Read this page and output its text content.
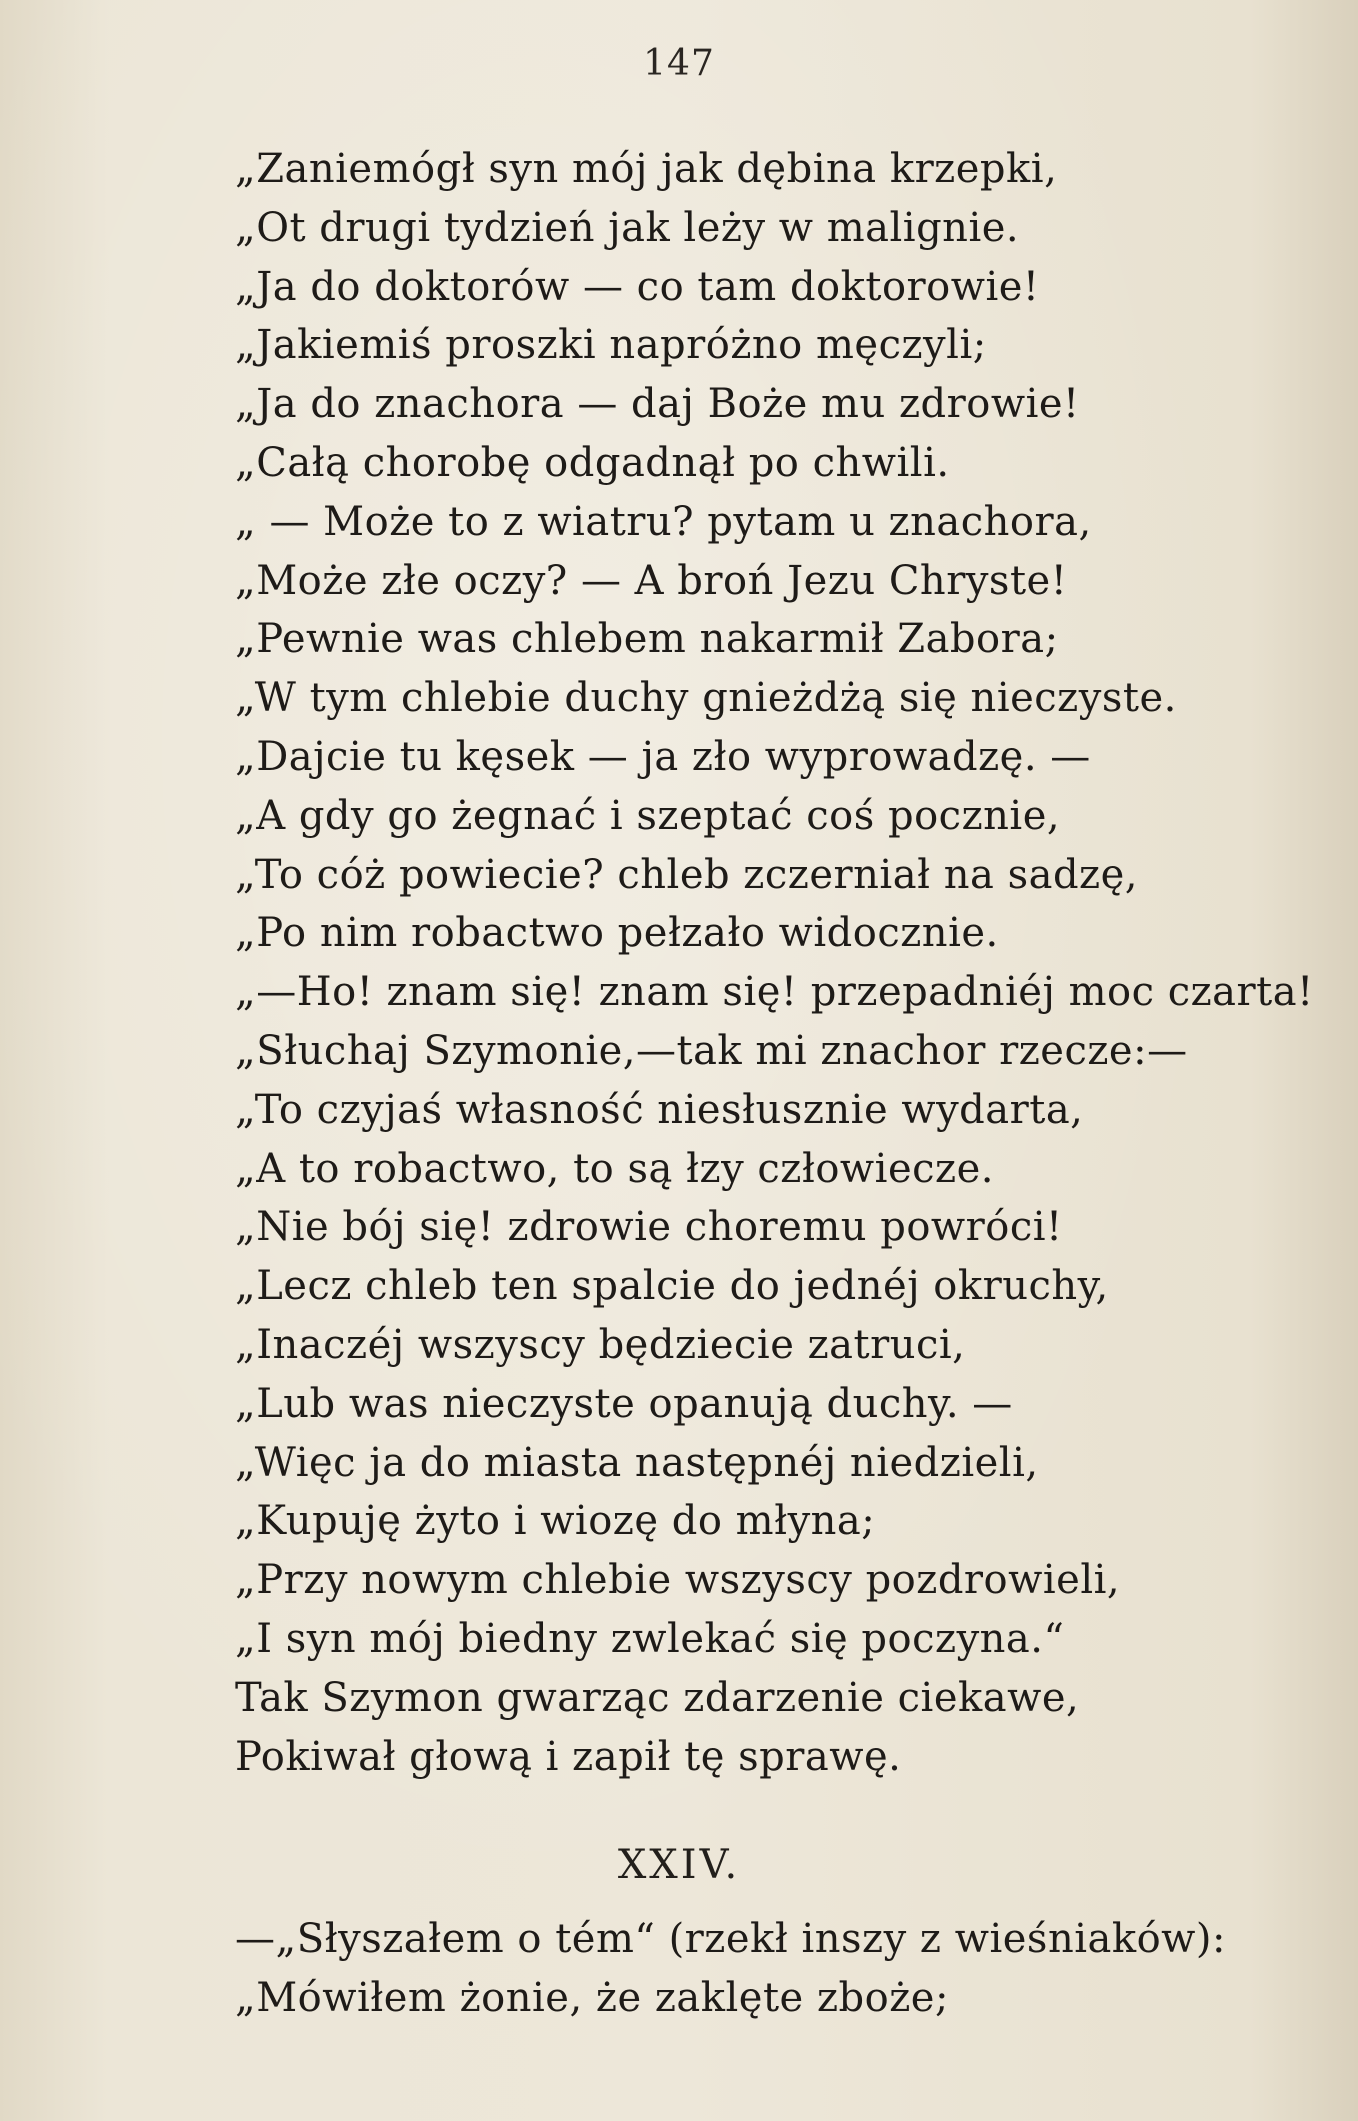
147
„Zaniemógł syn mój jak dębina krzepki,
„Ot drugi tydzień jak leży w malignie.
„Ja do doktorów — co tam doktorowie!
„Jakiemiś proszki napróżno męczyli;
„Ja do znachora — daj Boże mu zdrowie!
„Całą chorobę odgadnął po chwili.
„ — Może to z wiatru? pytam u znachora,
„Może złe oczy? — A broń Jezu Chryste!
„Pewnie was chlebem nakarmił Zabora;
„W tym chlebie duchy gnieżdżą się nieczyste.
„Dajcie tu kęsek — ja zło wyprowadzę. —
„A gdy go żegnać i szeptać coś pocznie,
„To cóż powiecie? chleb zczerniał na sadzę,
„Po nim robactwo pełzało widocznie.
„—Ho! znam się! znam się! przepadniéj moc czarta!
„Słuchaj Szymonie,—tak mi znachor rzecze:—
„To czyjaś własność niesłusznie wydarta,
„A to robactwo, to są łzy człowiecze.
„Nie bój się! zdrowie choremu powróci!
„Lecz chleb ten spalcie do jednéj okruchy,
„Inaczéj wszyscy będziecie zatruci,
„Lub was nieczyste opanują duchy. —
„Więc ja do miasta następnéj niedzieli,
„Kupuję żyto i wiozę do młyna;
„Przy nowym chlebie wszyscy pozdrowieli,
„I syn mój biedny zwlekać się poczyna.“
Tak Szymon gwarząc zdarzenie ciekawe,
Pokiwał głową i zapił tę sprawę.
XXIV.
—„Słyszałem o tém“ (rzekł inszy z wieśniaków):
„Mówiłem żonie, że zaklęte zboże;
